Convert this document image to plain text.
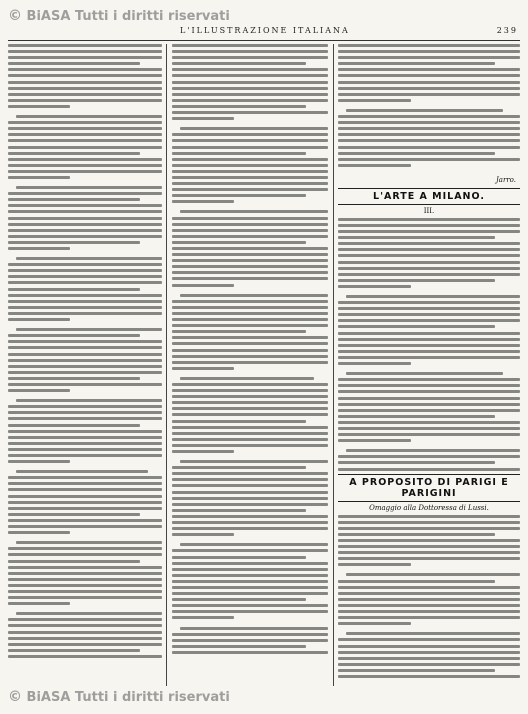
© BiASA Tutti i diritti riservati
L'ILLUSTRAZIONE ITALIANA	239
Jarro.
L'ARTE A MILANO.
III.
A PROPOSITO DI PARIGI E PARIGINI
Omaggio alla Dottoressa di Lussi.
© BiASA Tutti i diritti riservati
